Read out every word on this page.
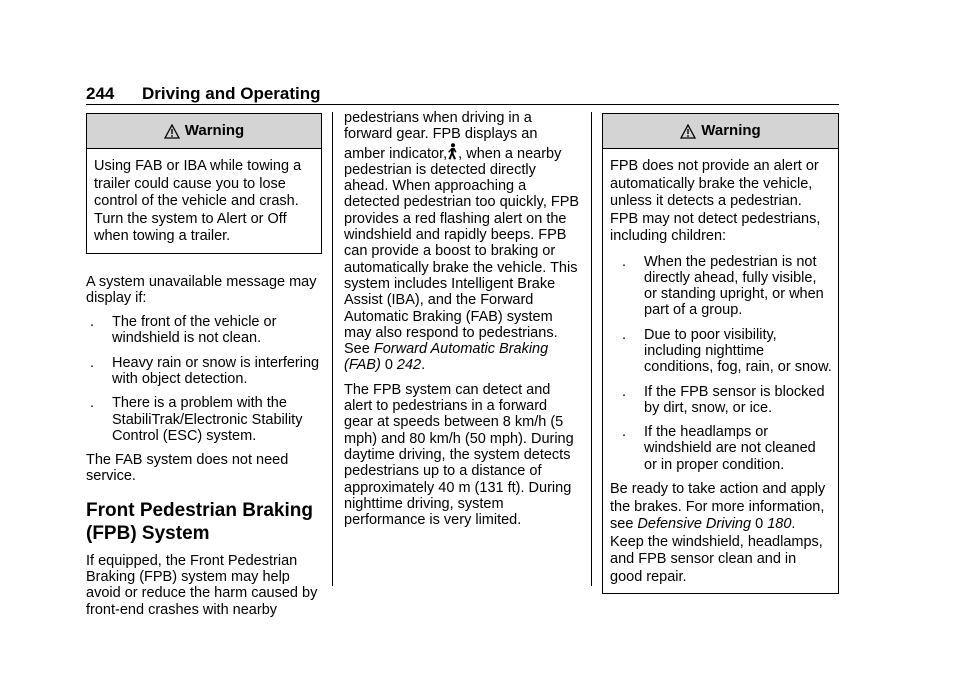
244 Driving and Operating
Warning
Using FAB or IBA while towing a trailer could cause you to lose control of the vehicle and crash. Turn the system to Alert or Off when towing a trailer.

A system unavailable message may display if:

. The front of the vehicle or windshield is not clean.
. Heavy rain or snow is interfering with object detection.
. There is a problem with the StabiliTrak/Electronic Stability Control (ESC) system.

The FAB system does not need service.

Front Pedestrian Braking
(FPB) System

If equipped, the Front Pedestrian Braking (FPB) system may help avoid or reduce the harm caused by front-end crashes with nearby

pedestrians when driving in a forward gear. FPB displays an amber indicator, , when a nearby pedestrian is detected directly ahead. When approaching a detected pedestrian too quickly, FPB provides a red flashing alert on the windshield and rapidly beeps. FPB can provide a boost to braking or automatically brake the vehicle. This system includes Intelligent Brake Assist (IBA), and the Forward Automatic Braking (FAB) system may also respond to pedestrians. See Forward Automatic Braking (FAB) 0 242.

The FPB system can detect and alert to pedestrians in a forward gear at speeds between 8 km/h (5 mph) and 80 km/h (50 mph). During daytime driving, the system detects pedestrians up to a distance of approximately 40 m (131 ft). During nighttime driving, system performance is very limited.

Warning

FPB does not provide an alert or automatically brake the vehicle, unless it detects a pedestrian. FPB may not detect pedestrians, including children:

. When the pedestrian is not directly ahead, fully visible, or standing upright, or when part of a group.
. Due to poor visibility, including nighttime conditions, fog, rain, or snow.
. If the FPB sensor is blocked by dirt, snow, or ice.
. If the headlamps or windshield are not cleaned or in proper condition.

Be ready to take action and apply the brakes. For more information, see Defensive Driving 0 180. Keep the windshield, headlamps, and FPB sensor clean and in good repair.
